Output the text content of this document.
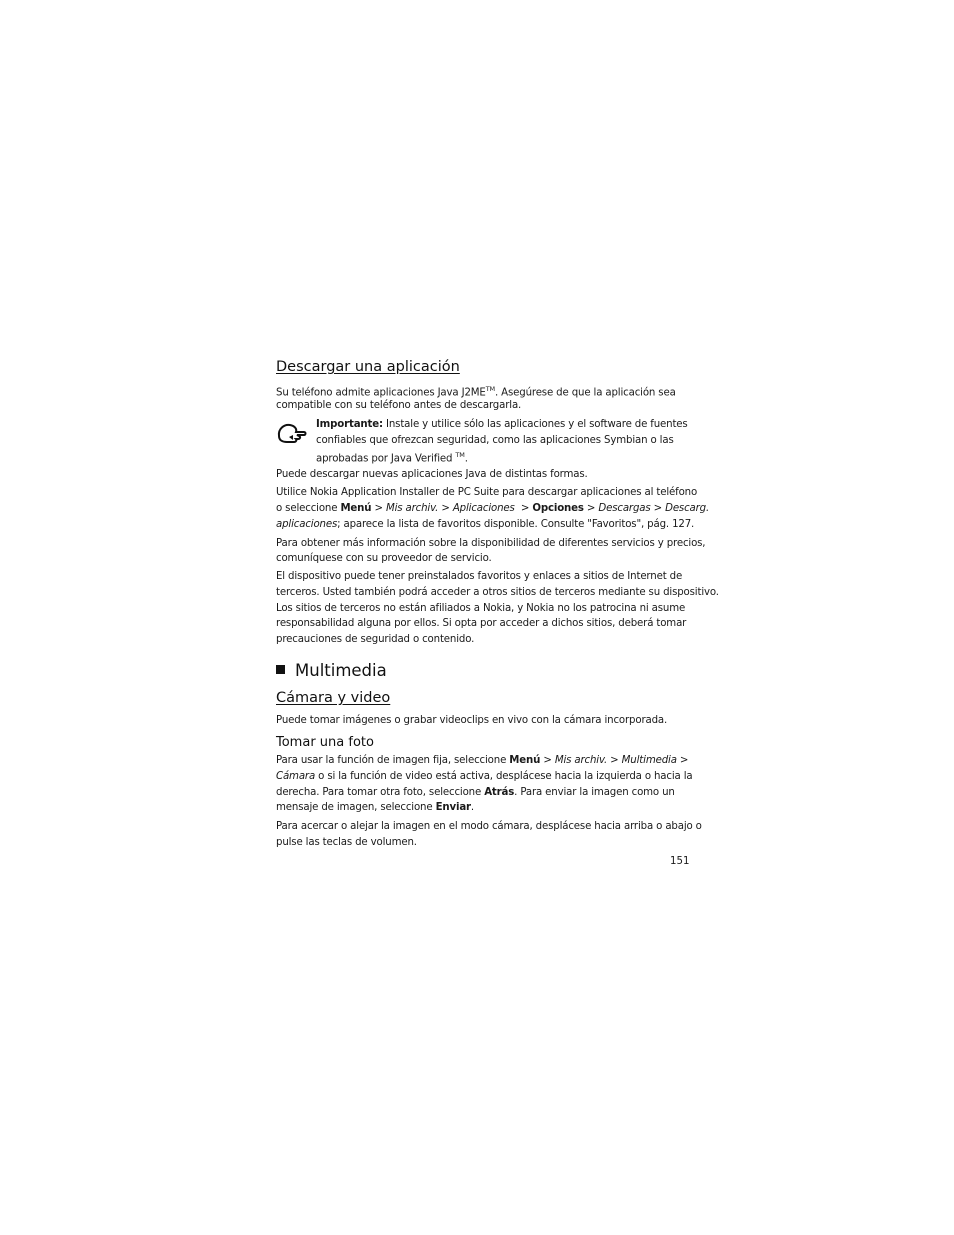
Descargar una aplicación
Su teléfono admite aplicaciones Java J2ME™. Asegúrese de que la aplicación sea
compatible con su teléfono antes de descargarla.
Importante: Instale y utilice sólo las aplicaciones y el software de fuentes
confiables que ofrezcan seguridad, como las aplicaciones Symbian o las
aprobadas por Java Verified ™.
Puede descargar nuevas aplicaciones Java de distintas formas.
Utilice Nokia Application Installer de PC Suite para descargar aplicaciones al teléfono
o seleccione Menú > Mis archiv. > Aplicaciones  > Opciones > Descargas > Descarg.
aplicaciones; aparece la lista de favoritos disponible. Consulte "Favoritos", pág. 127.
Para obtener más información sobre la disponibilidad de diferentes servicios y precios,
comuníquese con su proveedor de servicio.
El dispositivo puede tener preinstalados favoritos y enlaces a sitios de Internet de
terceros. Usted también podrá acceder a otros sitios de terceros mediante su dispositivo.
Los sitios de terceros no están afiliados a Nokia, y Nokia no los patrocina ni asume
responsabilidad alguna por ellos. Si opta por acceder a dichos sitios, deberá tomar
precauciones de seguridad o contenido.
Multimedia
Cámara y video
Puede tomar imágenes o grabar videoclips en vivo con la cámara incorporada.
Tomar una foto
Para usar la función de imagen fija, seleccione Menú > Mis archiv. > Multimedia >
Cámara o si la función de video está activa, desplácese hacia la izquierda o hacia la
derecha. Para tomar otra foto, seleccione Atrás. Para enviar la imagen como un
mensaje de imagen, seleccione Enviar.
Para acercar o alejar la imagen en el modo cámara, desplácese hacia arriba o abajo o
pulse las teclas de volumen.
151
